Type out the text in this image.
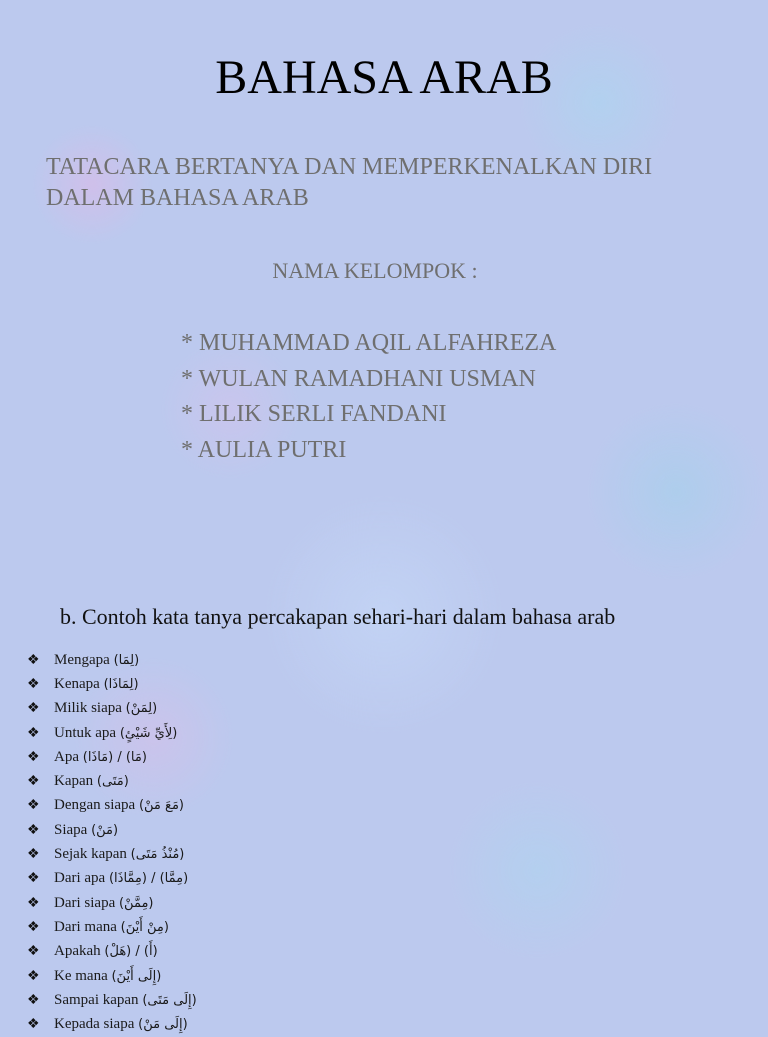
BAHASA ARAB
TATACARA BERTANYA DAN MEMPERKENALKAN DIRI DALAM BAHASA ARAB
NAMA KELOMPOK :
* MUHAMMAD AQIL ALFAHREZA
* WULAN RAMADHANI USMAN
* LILIK SERLI FANDANI
* AULIA PUTRI
b. Contoh kata tanya percakapan sehari-hari dalam bahasa arab
❖ Mengapa
(لِمَا)
❖ Kenapa
(لِمَاذَا)
❖ Milik siapa
(لِمَنْ)
❖ Untuk apa
(لِأَيِّ شَيْئٍ)
❖ Apa
(مَا) / (مَاذَا)
❖ Kapan
(مَتَى)
❖ Dengan siapa
(مَعَ مَنْ)
❖ Siapa
(مَنْ)
❖ Sejak kapan
(مُنْذُ مَتَى)
❖ Dari apa
(مِمَّا) / (مِمَّاذَا)
❖ Dari siapa
(مِمَّنْ)
❖ Dari mana
(مِنْ أَيْنَ)
❖ Apakah
(أَ) / (هَلْ)
❖ Ke mana
(إِلَى أَيْنَ)
❖ Sampai kapan
(إِلَى مَتَى)
❖ Kepada siapa
(إِلَى مَنْ)
